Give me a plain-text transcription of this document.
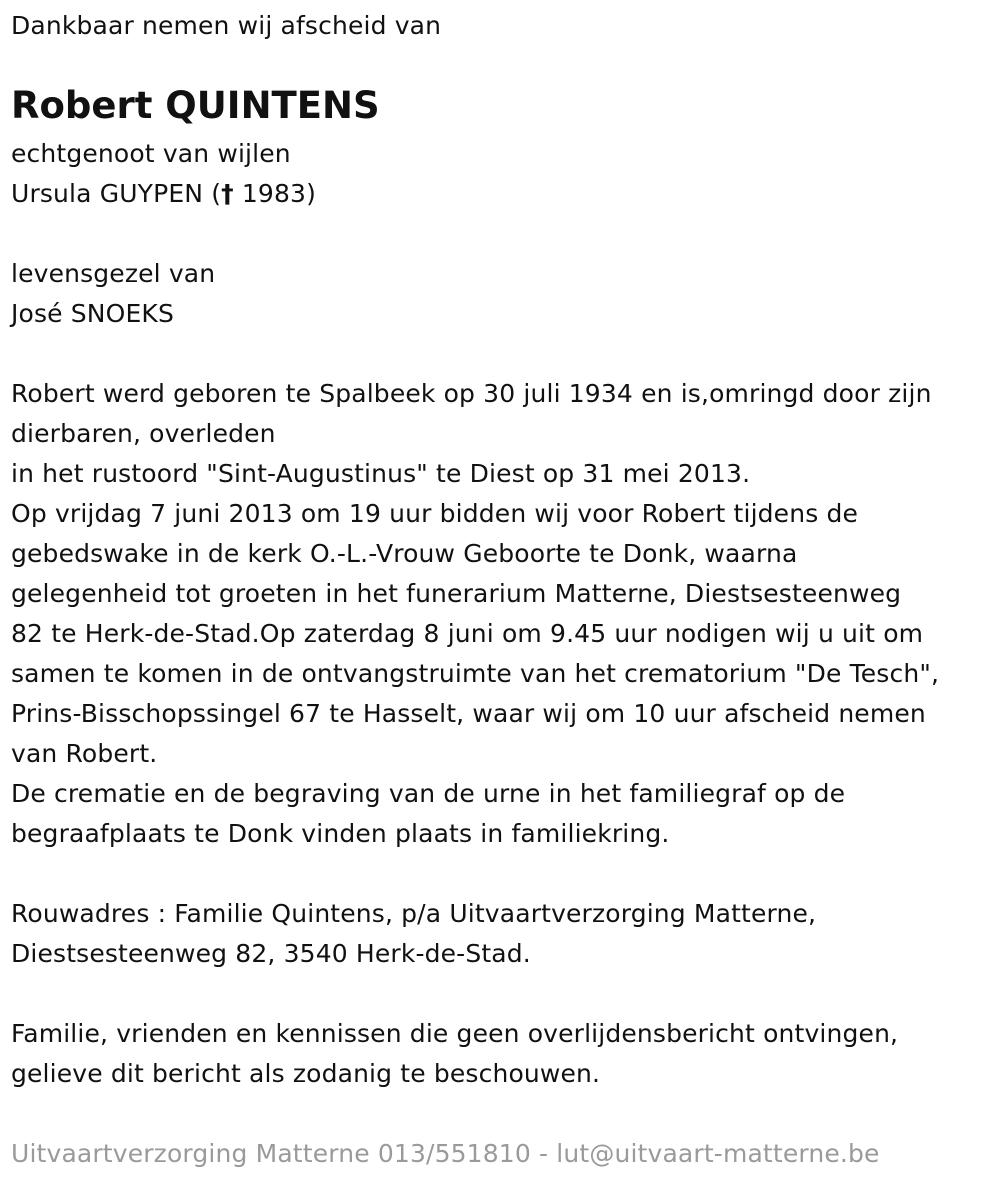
Dankbaar nemen wij afscheid van
Robert QUINTENS
echtgenoot van wijlen
Ursula GUYPEN († 1983)
levensgezel van
José SNOEKS
Robert werd geboren te Spalbeek op 30 juli 1934 en is,omringd door zijn
dierbaren, overleden
in het rustoord "Sint-Augustinus" te Diest op 31 mei 2013.
Op vrijdag 7 juni 2013 om 19 uur bidden wij voor Robert tijdens de
gebedswake in de kerk O.-L.-Vrouw Geboorte te Donk, waarna
gelegenheid tot groeten in het funerarium Matterne, Diestsesteenweg
82 te Herk-de-Stad.Op zaterdag 8 juni om 9.45 uur nodigen wij u uit om
samen te komen in de ontvangstruimte van het crematorium "De Tesch",
Prins-Bisschopssingel 67 te Hasselt, waar wij om 10 uur afscheid nemen
van Robert.
De crematie en de begraving van de urne in het familiegraf op de
begraafplaats te Donk vinden plaats in familiekring.
Rouwadres : Familie Quintens, p/a Uitvaartverzorging Matterne,
Diestsesteenweg 82, 3540 Herk-de-Stad.
Familie, vrienden en kennissen die geen overlijdensbericht ontvingen,
gelieve dit bericht als zodanig te beschouwen.
Uitvaartverzorging Matterne 013/551810 - lut@uitvaart-matterne.be
